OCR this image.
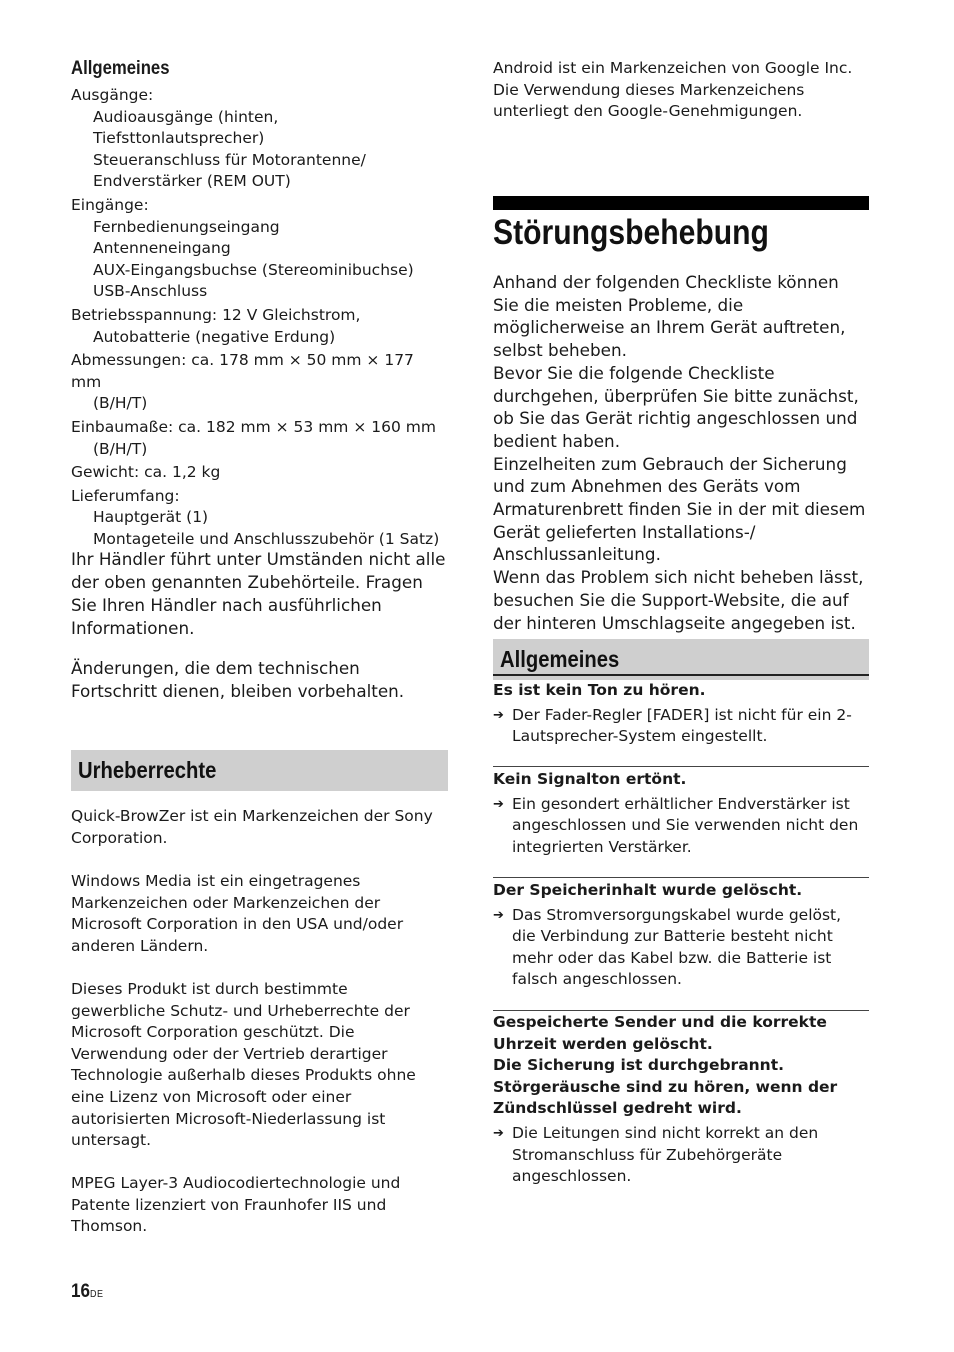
Allgemeines
Ausgänge:
Audioausgänge (hinten,
Tiefsttonlautsprecher)
Steueranschluss für Motorantenne/
Endverstärker (REM OUT)
Eingänge:
Fernbedienungseingang
Antenneneingang
AUX-Eingangsbuchse (Stereominibuchse)
USB-Anschluss
Betriebsspannung: 12 V Gleichstrom,
Autobatterie (negative Erdung)
Abmessungen: ca. 178 mm × 50 mm × 177 mm
(B/H/T)
Einbaumaße: ca. 182 mm × 53 mm × 160 mm
(B/H/T)
Gewicht: ca. 1,2 kg
Lieferumfang:
Hauptgerät (1)
Montageteile und Anschlusszubehör (1 Satz)
Ihr Händler führt unter Umständen nicht alle der oben genannten Zubehörteile. Fragen Sie Ihren Händler nach ausführlichen Informationen.
Änderungen, die dem technischen Fortschritt dienen, bleiben vorbehalten.
Urheberrechte
Quick-BrowZer ist ein Markenzeichen der Sony Corporation.
Windows Media ist ein eingetragenes Markenzeichen oder Markenzeichen der Microsoft Corporation in den USA und/oder anderen Ländern.
Dieses Produkt ist durch bestimmte gewerbliche Schutz- und Urheberrechte der Microsoft Corporation geschützt. Die Verwendung oder der Vertrieb derartiger Technologie außerhalb dieses Produkts ohne eine Lizenz von Microsoft oder einer autorisierten Microsoft-Niederlassung ist untersagt.
MPEG Layer-3 Audiocodiertechnologie und Patente lizenziert von Fraunhofer IIS und Thomson.
16DE
Android ist ein Markenzeichen von Google Inc. Die Verwendung dieses Markenzeichens unterliegt den Google-Genehmigungen.
Störungsbehebung
Anhand der folgenden Checkliste können Sie die meisten Probleme, die möglicherweise an Ihrem Gerät auftreten, selbst beheben.
Bevor Sie die folgende Checkliste durchgehen, überprüfen Sie bitte zunächst, ob Sie das Gerät richtig angeschlossen und bedient haben.
Einzelheiten zum Gebrauch der Sicherung und zum Abnehmen des Geräts vom Armaturenbrett finden Sie in der mit diesem Gerät gelieferten Installations-/ Anschlussanleitung.
Wenn das Problem sich nicht beheben lässt, besuchen Sie die Support-Website, die auf der hinteren Umschlagseite angegeben ist.
Allgemeines
Es ist kein Ton zu hören.
➔ Der Fader-Regler [FADER] ist nicht für ein 2-Lautsprecher-System eingestellt.
Kein Signalton ertönt.
➔ Ein gesondert erhältlicher Endverstärker ist angeschlossen und Sie verwenden nicht den integrierten Verstärker.
Der Speicherinhalt wurde gelöscht.
➔ Das Stromversorgungskabel wurde gelöst, die Verbindung zur Batterie besteht nicht mehr oder das Kabel bzw. die Batterie ist falsch angeschlossen.
Gespeicherte Sender und die korrekte Uhrzeit werden gelöscht.
Die Sicherung ist durchgebrannt.
Störgeräusche sind zu hören, wenn der Zündschlüssel gedreht wird.
➔ Die Leitungen sind nicht korrekt an den Stromanschluss für Zubehörgeräte angeschlossen.
